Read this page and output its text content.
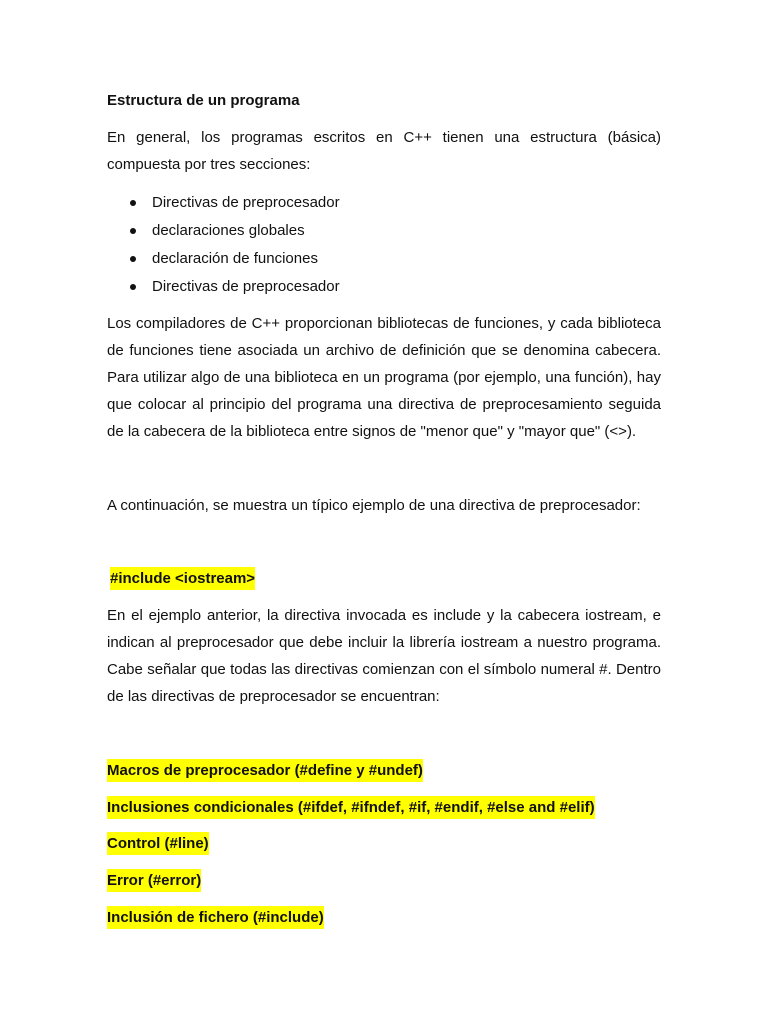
Estructura de un programa

En general, los programas escritos en C++ tienen una estructura (básica) compuesta por tres secciones:

Directivas de preprocesador
declaraciones globales
declaración de funciones
Directivas de preprocesador

Los compiladores de C++ proporcionan bibliotecas de funciones, y cada biblioteca de funciones tiene asociada un archivo de definición que se denomina cabecera. Para utilizar algo de una biblioteca en un programa (por ejemplo, una función), hay que colocar al principio del programa una directiva de preprocesamiento seguida de la cabecera de la biblioteca entre signos de "menor que" y "mayor que" (<>).

A continuación, se muestra un típico ejemplo de una directiva de preprocesador:

#include <iostream>

En el ejemplo anterior, la directiva invocada es include y la cabecera iostream, e indican al preprocesador que debe incluir la librería iostream a nuestro programa. Cabe señalar que todas las directivas comienzan con el símbolo numeral #. Dentro de las directivas de preprocesador se encuentran:

Macros de preprocesador (#define y #undef)

Inclusiones condicionales (#ifdef, #ifndef, #if, #endif, #else and #elif)

Control (#line)

Error (#error)

Inclusión de fichero (#include)
